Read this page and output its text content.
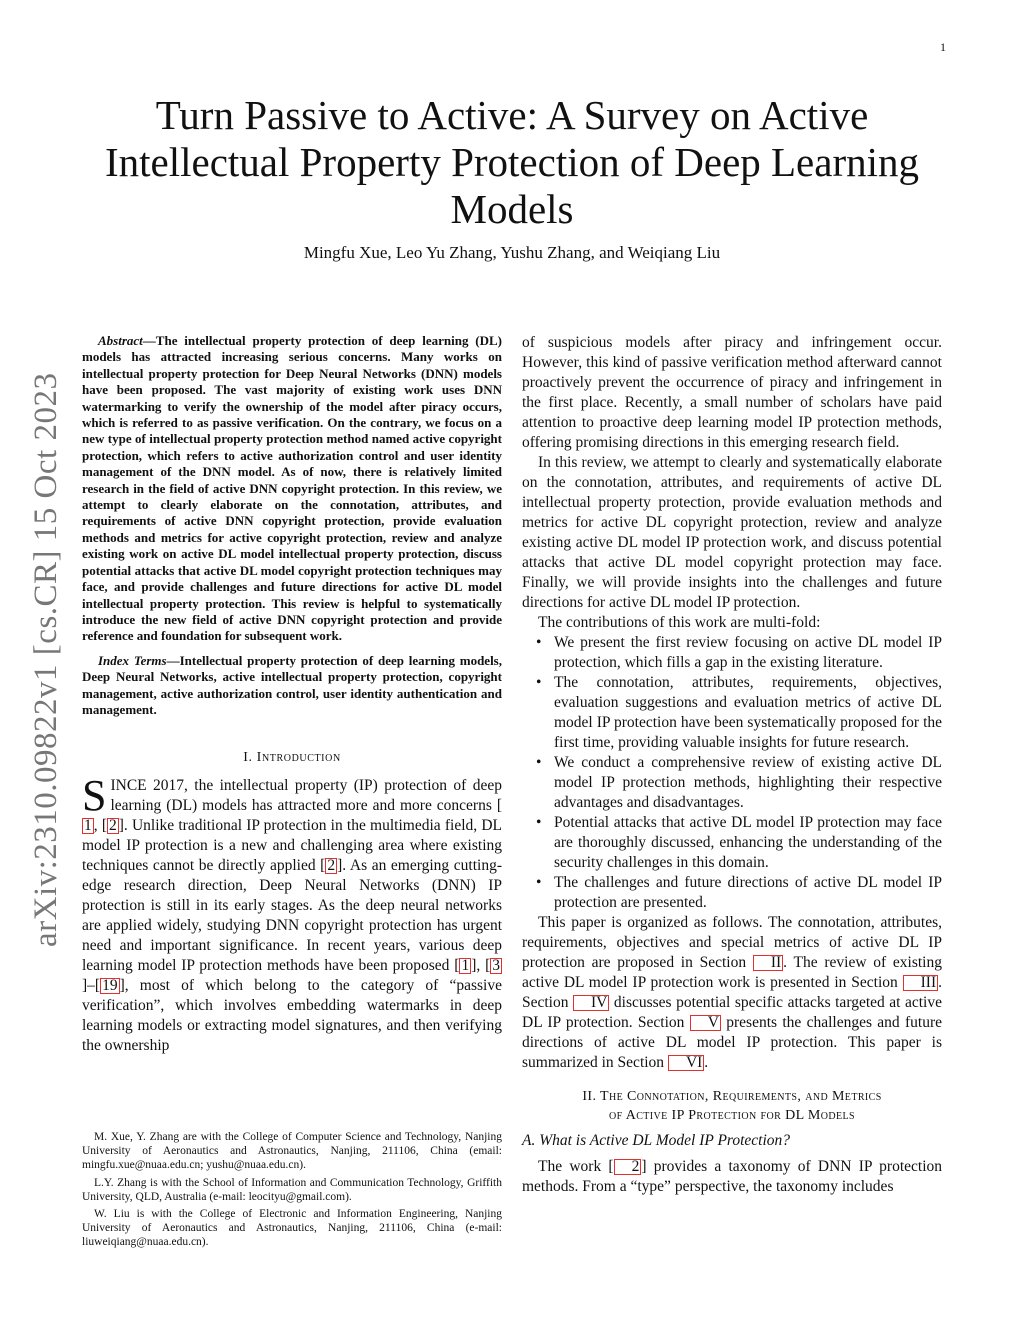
1
arXiv:2310.09822v1 [cs.CR] 15 Oct 2023
Turn Passive to Active: A Survey on Active Intellectual Property Protection of Deep Learning Models
Mingfu Xue, Leo Yu Zhang, Yushu Zhang, and Weiqiang Liu

Abstract—The intellectual property protection of deep learning (DL) models has attracted increasing serious concerns. Many works on intellectual property protection for Deep Neural Networks (DNN) models have been proposed. The vast majority of existing work uses DNN watermarking to verify the ownership of the model after piracy occurs, which is referred to as passive verification. On the contrary, we focus on a new type of intellectual property protection method named active copyright protection, which refers to active authorization control and user identity management of the DNN model. As of now, there is relatively limited research in the field of active DNN copyright protection. In this review, we attempt to clearly elaborate on the connotation, attributes, and requirements of active DNN copyright protection, provide evaluation methods and metrics for active copyright protection, review and analyze existing work on active DL model intellectual property protection, discuss potential attacks that active DL model copyright protection techniques may face, and provide challenges and future directions for active DL model intellectual property protection. This review is helpful to systematically introduce the new field of active DNN copyright protection and provide reference and foundation for subsequent work.

Index Terms—Intellectual property protection of deep learning models, Deep Neural Networks, active intellectual property protection, copyright management, active authorization control, user identity authentication and management.

I. Introduction

SINCE 2017, the intellectual property (IP) protection of deep learning (DL) models has attracted more and more concerns [1 , [ 2 ]. Unlike traditional IP protection in the multimedia field, DL model IP protection is a new and challenging area where existing techniques cannot be directly applied [ 2 ]. As an emerging cutting-edge research direction, Deep Neural Networks (DNN) IP protection is still in its early stages. As the deep neural networks are applied widely, studying DNN copyright protection has urgent need and important significance. In recent years, various deep learning model IP protection methods have been proposed [ 1 ], [ 3]–[ 19 ], most of which belong to the category of “passive verification”, which involves embedding watermarks in deep learning models or extracting model signatures, and then verifying the ownership

M. Xue, Y. Zhang are with the College of Computer Science and Technology, Nanjing University of Aeronautics and Astronautics, Nanjing, 211106, China (email: mingfu.xue@nuaa.edu.cn; yushu@nuaa.edu.cn).

L.Y. Zhang is with the School of Information and Communication Technology, Griffith University, QLD, Australia (e-mail: leocityu@gmail.com).

W. Liu is with the College of Electronic and Information Engineering, Nanjing University of Aeronautics and Astronautics, Nanjing, 211106, China (e-mail: liuweiqiang@nuaa.edu.cn).

of suspicious models after piracy and infringement occur. However, this kind of passive verification method afterward cannot proactively prevent the occurrence of piracy and infringement in the first place. Recently, a small number of scholars have paid attention to proactive deep learning model IP protection methods, offering promising directions in this emerging research field.

In this review, we attempt to clearly and systematically elaborate on the connotation, attributes, and requirements of active DL intellectual property protection, provide evaluation methods and metrics for active DL copyright protection, review and analyze existing active DL model IP protection work, and discuss potential attacks that active DL model copyright protection may face. Finally, we will provide insights into the challenges and future directions for active DL model IP protection.

The contributions of this work are multi-fold:

• We present the first review focusing on active DL model IP protection, which fills a gap in the existing literature.
• The connotation, attributes, requirements, objectives, evaluation suggestions and evaluation metrics of active DL model IP protection have been systematically proposed for the first time, providing valuable insights for future research.
• We conduct a comprehensive review of existing active DL model IP protection methods, highlighting their respective advantages and disadvantages.
• Potential attacks that active DL model IP protection may face are thoroughly discussed, enhancing the understanding of the security challenges in this domain.
• The challenges and future directions of active DL model IP protection are presented.

This paper is organized as follows. The connotation, attributes, requirements, objectives and special metrics of active DL IP protection are proposed in Section II . The review of existing active DL model IP protection work is presented in Section III . Section IV discusses potential specific attacks targeted at active DL IP protection. Section V presents the challenges and future directions of active DL model IP protection. This paper is summarized in Section VI .

II. The Connotation, Requirements, and Metrics
of Active IP Protection for DL Models
A. What is Active DL Model IP Protection?

The work [ 2 ] provides a taxonomy of DNN IP protection methods. From a “type” perspective, the taxonomy includes
